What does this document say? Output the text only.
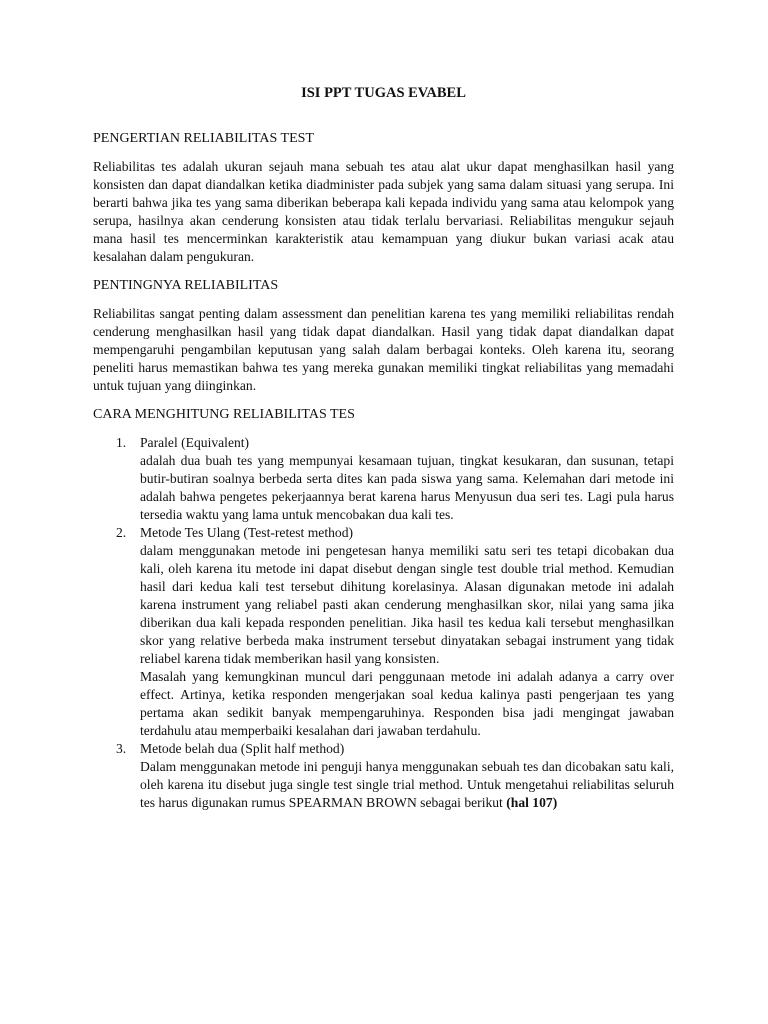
ISI PPT TUGAS EVABEL
PENGERTIAN RELIABILITAS TEST

Reliabilitas tes adalah ukuran sejauh mana sebuah tes atau alat ukur dapat menghasilkan hasil yang konsisten dan dapat diandalkan ketika diadminister pada subjek yang sama dalam situasi yang serupa. Ini berarti bahwa jika tes yang sama diberikan beberapa kali kepada individu yang sama atau kelompok yang serupa, hasilnya akan cenderung konsisten atau tidak terlalu bervariasi. Reliabilitas mengukur sejauh mana hasil tes mencerminkan karakteristik atau kemampuan yang diukur bukan variasi acak atau kesalahan dalam pengukuran.

PENTINGNYA RELIABILITAS

Reliabilitas sangat penting dalam assessment dan penelitian karena tes yang memiliki reliabilitas rendah cenderung menghasilkan hasil yang tidak dapat diandalkan. Hasil yang tidak dapat diandalkan dapat mempengaruhi pengambilan keputusan yang salah dalam berbagai konteks. Oleh karena itu, seorang peneliti harus memastikan bahwa tes yang mereka gunakan memiliki tingkat reliabilitas yang memadahi untuk tujuan yang diinginkan.

CARA MENGHITUNG RELIABILITAS TES
1. Paralel (Equivalent)

adalah dua buah tes yang mempunyai kesamaan tujuan, tingkat kesukaran, dan susunan, tetapi butir-butiran soalnya berbeda serta dites kan pada siswa yang sama. Kelemahan dari metode ini adalah bahwa pengetes pekerjaannya berat karena harus Menyusun dua seri tes. Lagi pula harus tersedia waktu yang lama untuk mencobakan dua kali tes.

2. Metode Tes Ulang (Test-retest method)

dalam menggunakan metode ini pengetesan hanya memiliki satu seri tes tetapi dicobakan dua kali, oleh karena itu metode ini dapat disebut dengan single test double trial method. Kemudian hasil dari kedua kali test tersebut dihitung korelasinya. Alasan digunakan metode ini adalah karena instrument yang reliabel pasti akan cenderung menghasilkan skor, nilai yang sama jika diberikan dua kali kepada responden penelitian. Jika hasil tes kedua kali tersebut menghasilkan skor yang relative berbeda maka instrument tersebut dinyatakan sebagai instrument yang tidak reliabel karena tidak memberikan hasil yang konsisten.

Masalah yang kemungkinan muncul dari penggunaan metode ini adalah adanya a carry over effect. Artinya, ketika responden mengerjakan soal kedua kalinya pasti pengerjaan tes yang pertama akan sedikit banyak mempengaruhinya. Responden bisa jadi mengingat jawaban terdahulu atau memperbaiki kesalahan dari jawaban terdahulu.

3. Metode belah dua (Split half method)

Dalam menggunakan metode ini penguji hanya menggunakan sebuah tes dan dicobakan satu kali, oleh karena itu disebut juga single test single trial method. Untuk mengetahui reliabilitas seluruh tes harus digunakan rumus SPEARMAN BROWN sebagai berikut (hal 107)
